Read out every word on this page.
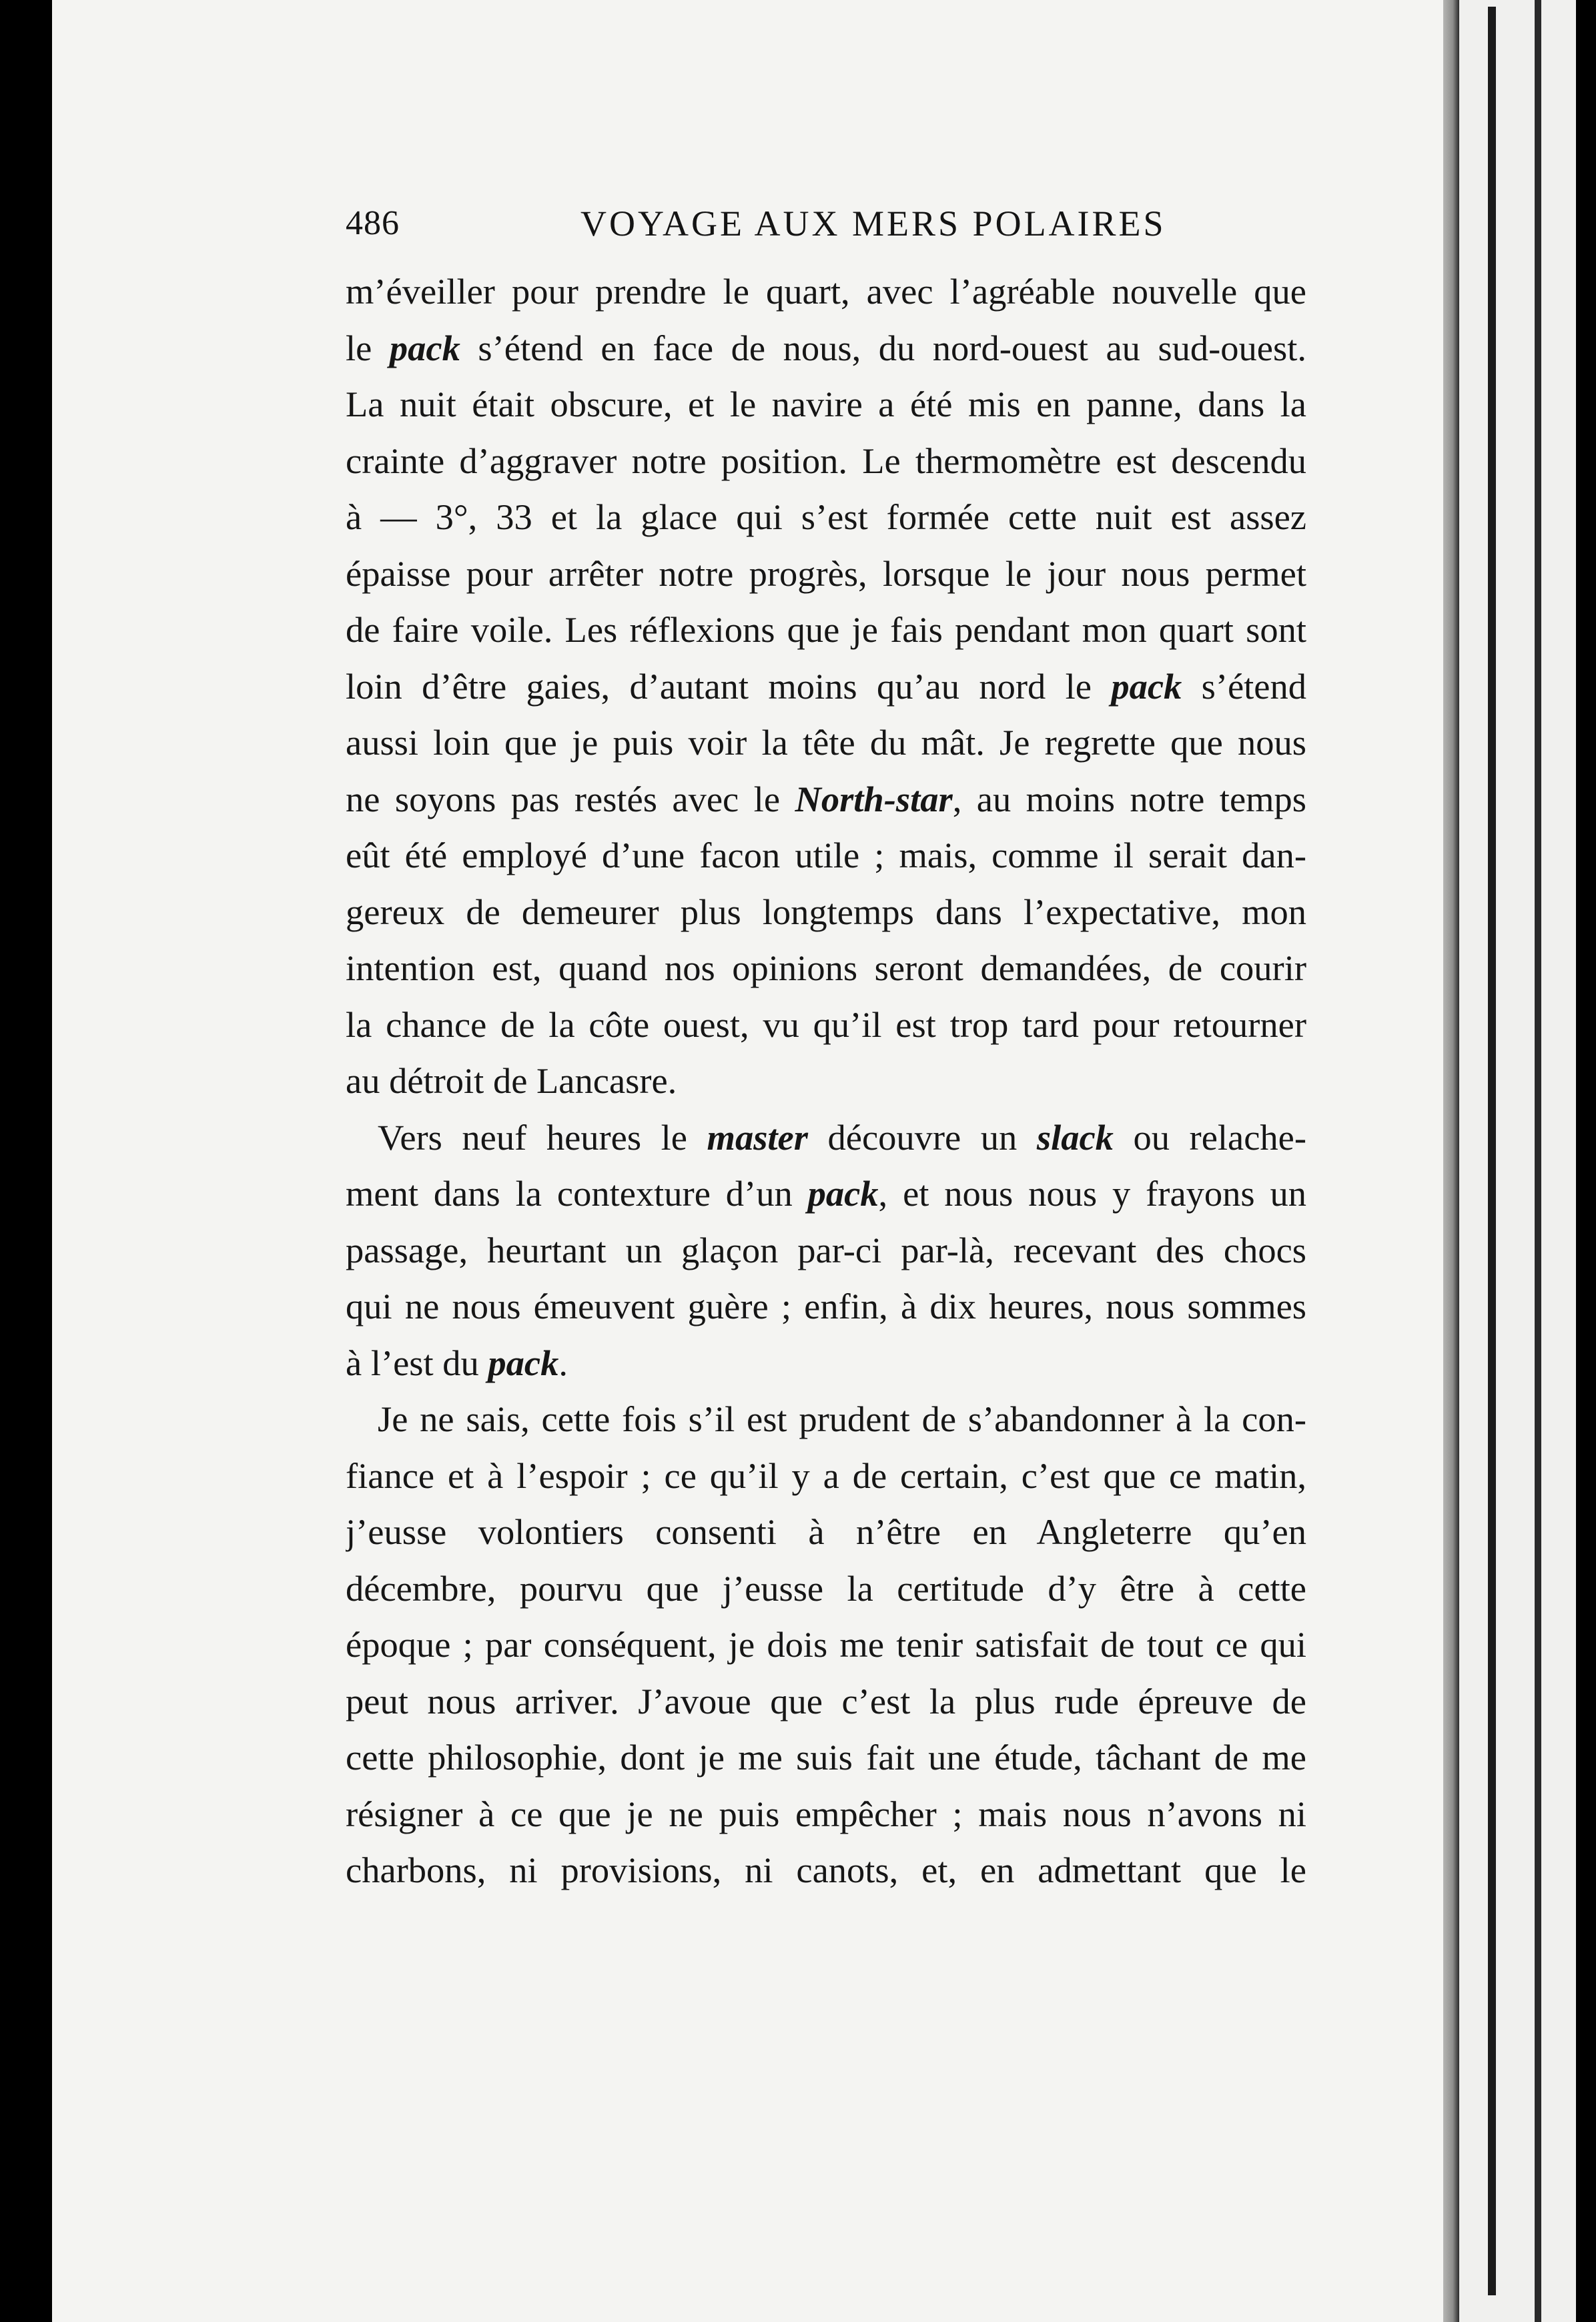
486	VOYAGE AUX MERS POLAIRES
m’éveiller pour prendre le quart, avec l’agréable nouvelle que
le pack s’étend en face de nous, du nord-ouest au sud-ouest.
La nuit était obscure, et le navire a été mis en panne, dans la
crainte d’aggraver notre position. Le thermomètre est descendu
à — 3°, 33 et la glace qui s’est formée cette nuit est assez
épaisse pour arrêter notre progrès, lorsque le jour nous permet
de faire voile. Les réflexions que je fais pendant mon quart sont
loin d’être gaies, d’autant moins qu’au nord le pack s’étend
aussi loin que je puis voir la tête du mât. Je regrette que nous
ne soyons pas restés avec le North-star, au moins notre temps
eût été employé d’une facon utile ; mais, comme il serait dan-
gereux de demeurer plus longtemps dans l’expectative, mon
intention est, quand nos opinions seront demandées, de courir
la chance de la côte ouest, vu qu’il est trop tard pour retourner
au détroit de Lancasre.
Vers neuf heures le master découvre un slack ou relache-
ment dans la contexture d’un pack, et nous nous y frayons un
passage, heurtant un glaçon par-ci par-là, recevant des chocs
qui ne nous émeuvent guère ; enfin, à dix heures, nous sommes
à l’est du pack.
Je ne sais, cette fois s’il est prudent de s’abandonner à la con-
fiance et à l’espoir ; ce qu’il y a de certain, c’est que ce matin,
j’eusse volontiers consenti à n’être en Angleterre qu’en
décembre, pourvu que j’eusse la certitude d’y être à cette
époque ; par conséquent, je dois me tenir satisfait de tout ce qui
peut nous arriver. J’avoue que c’est la plus rude épreuve de
cette philosophie, dont je me suis fait une étude, tâchant de me
résigner à ce que je ne puis empêcher ; mais nous n’avons ni
charbons, ni provisions, ni canots, et, en admettant que le
